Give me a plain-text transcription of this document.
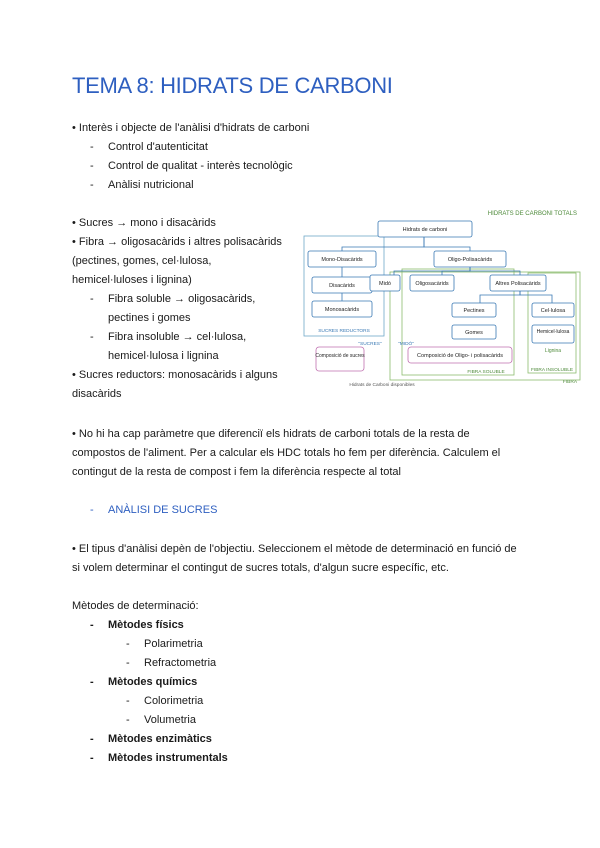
TEMA 8: HIDRATS DE CARBONI
• Interès i objecte de l'anàlisi d'hidrats de carboni
- Control d'autenticitat
- Control de qualitat - interès tecnològic
- Anàlisi nutricional
• Sucres → mono i disacàrids
• Fibra → oligosacàrids i altres polisacàrids
(pectines, gomes, cel·lulosa,
hemicel·luloses i lignina)
- Fibra soluble → oligosacàrids,
pectines i gomes
- Fibra insoluble → cel·lulosa,
hemicel·lulosa i lignina
• Sucres reductors: monosacàrids i alguns
disacàrids
HIDRATS DE CARBONI TOTALS
Hidrats de carboni
Mono-Disacàrids	Oligo-Polisacàrids
Disacàrids
Monosacàrids
Midó	Oligosacàrids	Altres Polisacàrids
Pectines
Gomes
Cel·lulosa
Hemicel·lulosa
Lignina
Composició de sucres	Composició de Oligo- i polisacàrids
SUCRES REDUCTORS
"SUCRES"	"MIDÓ"
FIBRA SOLUBLE	FIBRA INSOLUBLE
FIBRA
Hidrats de Carboni disponibles
• No hi ha cap paràmetre que diferenciï els hidrats de carboni totals de la resta de
compostos de l'aliment. Per a calcular els HDC totals ho fem per diferència. Calculem el
contingut de la resta de compost i fem la diferència respecte al total
- ANÀLISI DE SUCRES
• El tipus d'anàlisi depèn de l'objectiu. Seleccionem el mètode de determinació en funció de
si volem determinar el contingut de sucres totals, d'algun sucre específic, etc.
Mètodes de determinació:
- Mètodes físics
- Polarimetria
- Refractometria
- Mètodes químics
- Colorimetria
- Volumetria
- Mètodes enzimàtics
- Mètodes instrumentals
